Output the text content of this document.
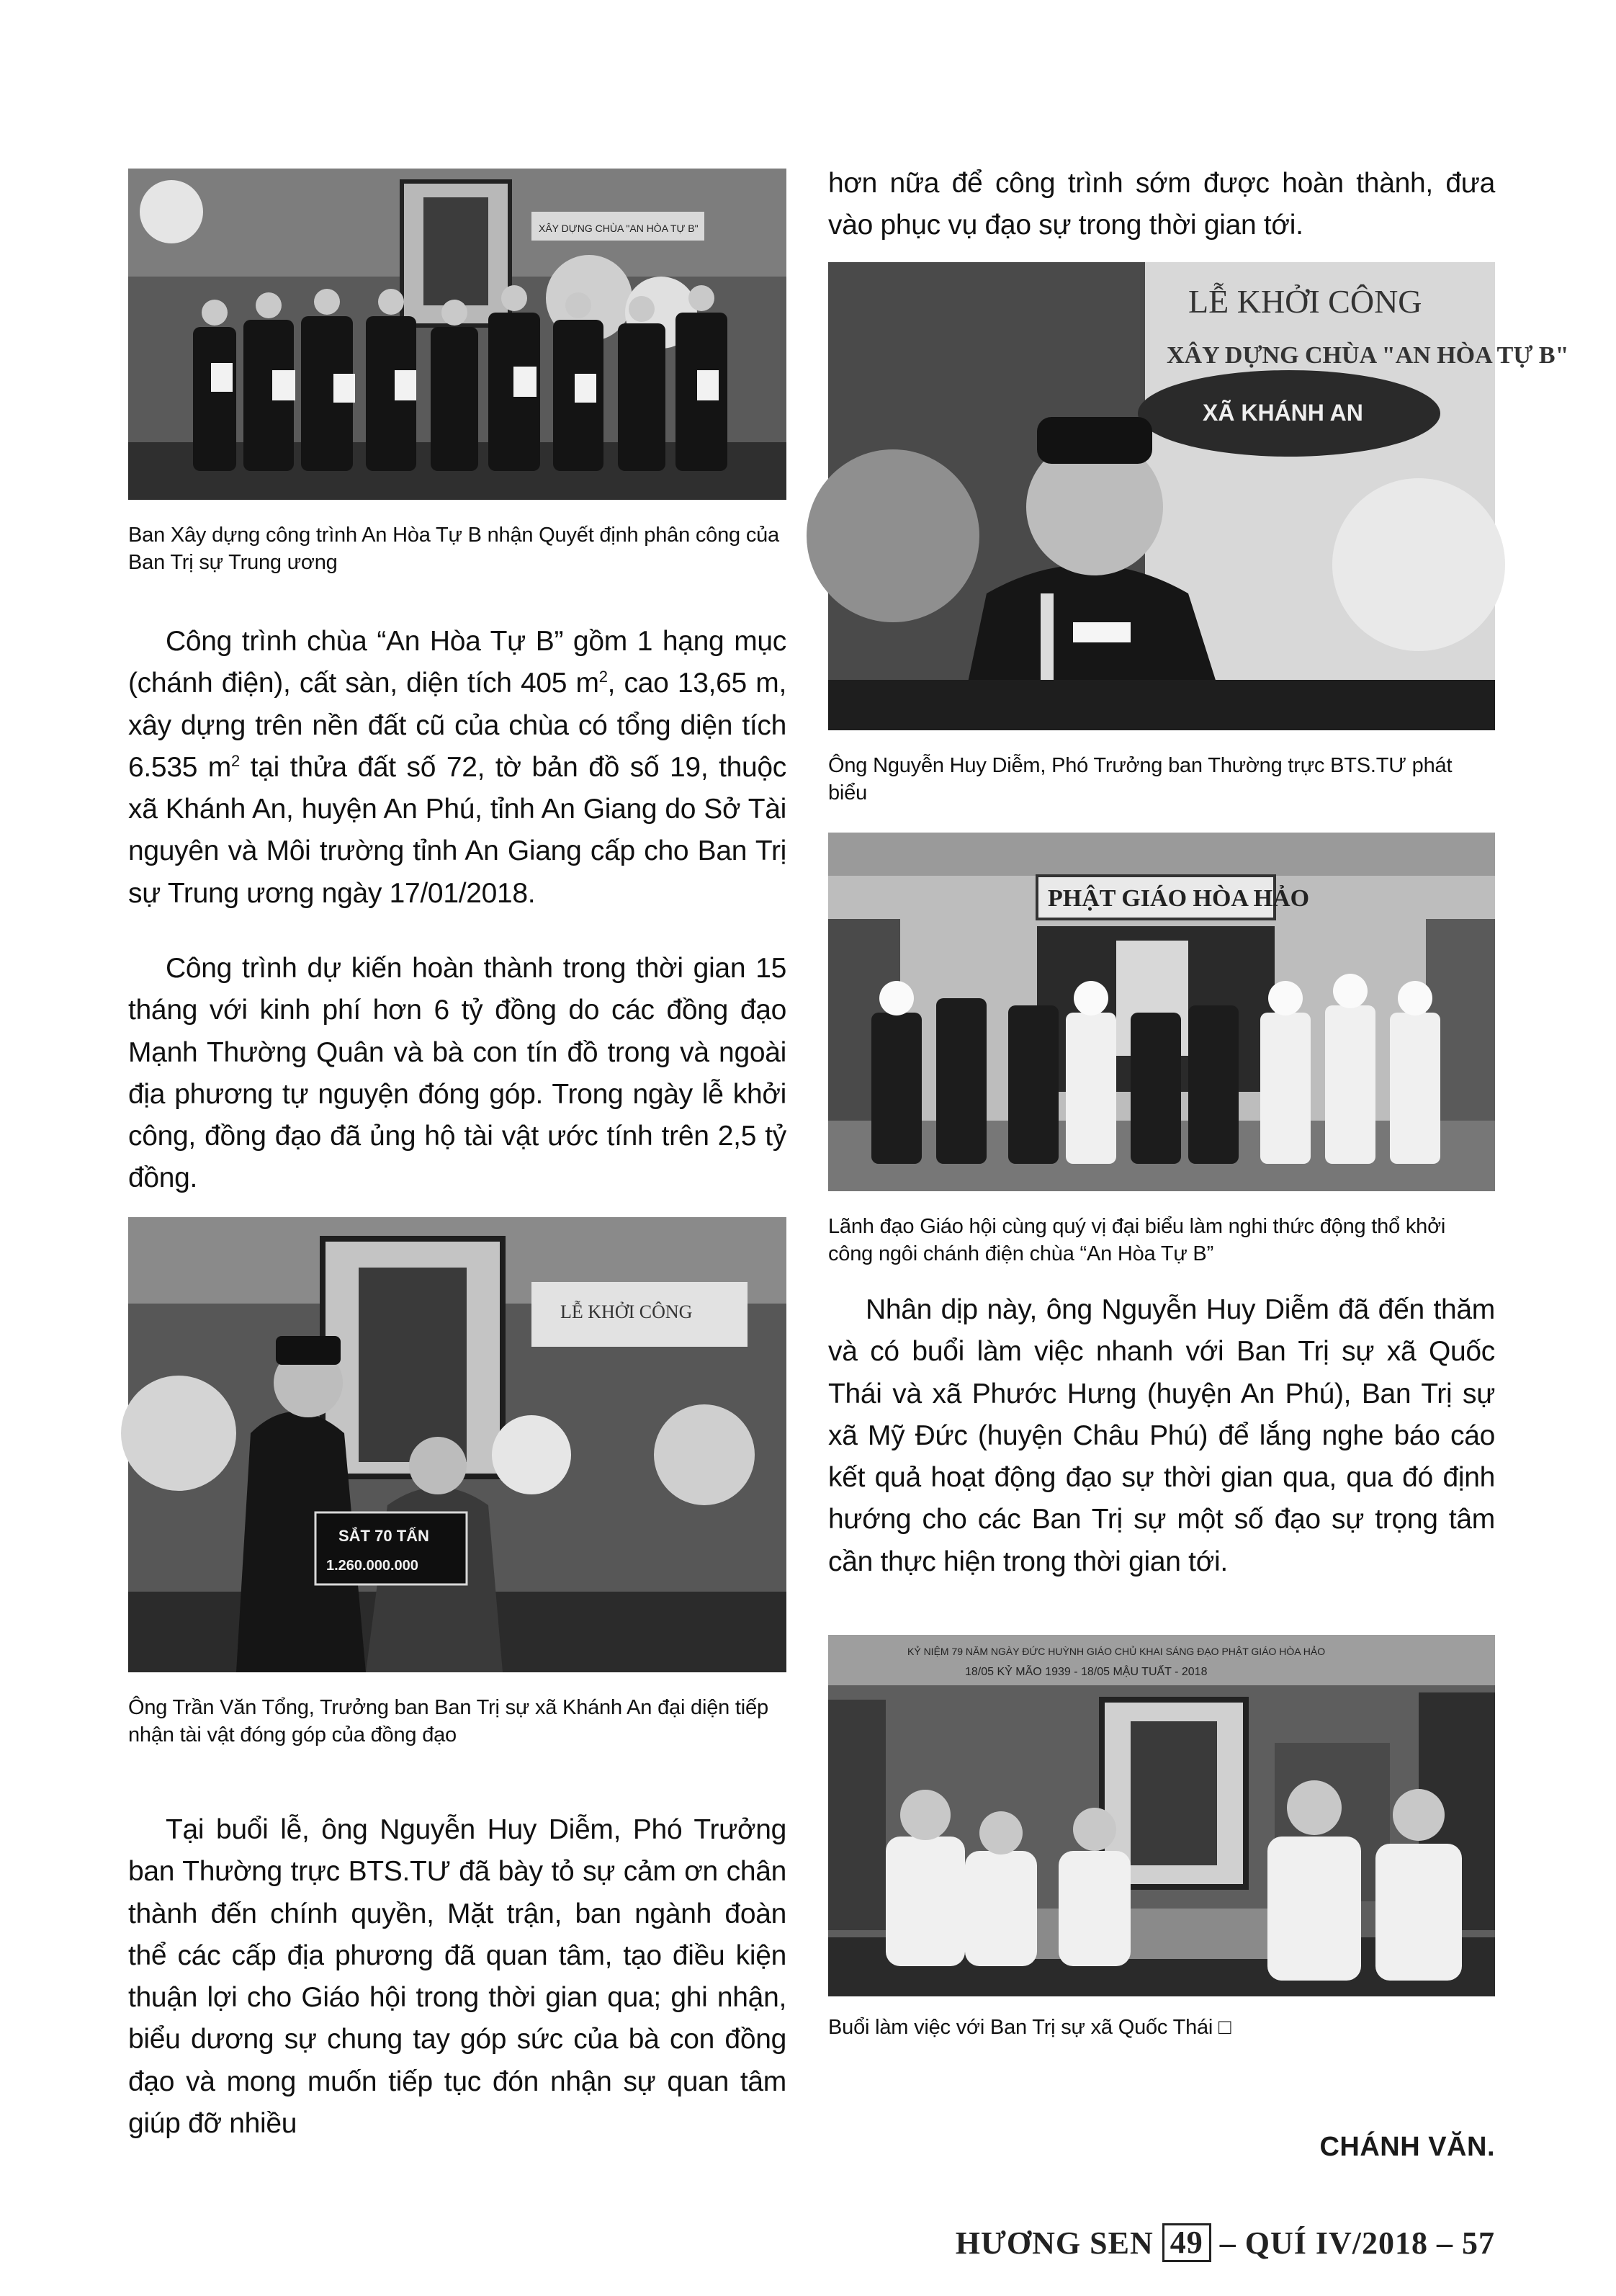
XÂY DỰNG CHÙA "AN HÒA TỰ B"
Ban Xây dựng công trình An Hòa Tự B nhận Quyết định phân công của Ban Trị sự Trung ương

Công trình chùa “An Hòa Tự B” gồm 1 hạng mục (chánh điện), cất sàn, diện tích 405 $m^2$, cao 13,65 m, xây dựng trên nền đất cũ của chùa có tổng diện tích 6.535 $m^2$ tại thửa đất số 72, tờ bản đồ số 19, thuộc xã Khánh An, huyện An Phú, tỉnh An Giang do Sở Tài nguyên và Môi trường tỉnh An Giang cấp cho Ban Trị sự Trung ương ngày 17/01/2018.

Công trình dự kiến hoàn thành trong thời gian 15 tháng với kinh phí hơn 6 tỷ đồng do các đồng đạo Mạnh Thường Quân và bà con tín đồ trong và ngoài địa phương tự nguyện đóng góp. Trong ngày lễ khởi công, đồng đạo đã ủng hộ tài vật ước tính trên 2,5 tỷ đồng.

LỄ KHỞI CÔNG
SẮT 70 TẤN
1.260.000.000
Ông Trần Văn Tổng, Trưởng ban Ban Trị sự xã Khánh An đại diện tiếp nhận tài vật đóng góp của đồng đạo

Tại buổi lễ, ông Nguyễn Huy Diễm, Phó Trưởng ban Thường trực BTS.TƯ đã bày tỏ sự cảm ơn chân thành đến chính quyền, Mặt trận, ban ngành đoàn thể các cấp địa phương đã quan tâm, tạo điều kiện thuận lợi cho Giáo hội trong thời gian qua; ghi nhận, biểu dương sự chung tay góp sức của bà con đồng đạo và mong muốn tiếp tục đón nhận sự quan tâm giúp đỡ nhiều

hơn nữa để công trình sớm được hoàn thành, đưa vào phục vụ đạo sự trong thời gian tới.

LỄ KHỞI CÔNG
XÂY DỰNG CHÙA "AN HÒA TỰ B"
XÃ KHÁNH AN
Ông Nguyễn Huy Diễm, Phó Trưởng ban Thường trực BTS.TƯ phát biểu
PHẬT GIÁO HÒA HẢO
Lãnh đạo Giáo hội cùng quý vị đại biểu làm nghi thức động thổ khởi công ngôi chánh điện chùa “An Hòa Tự B”

Nhân dịp này, ông Nguyễn Huy Diễm đã đến thăm và có buổi làm việc nhanh với Ban Trị sự xã Quốc Thái và xã Phước Hưng (huyện An Phú), Ban Trị sự xã Mỹ Đức (huyện Châu Phú) để lắng nghe báo cáo kết quả hoạt động đạo sự thời gian qua, qua đó định hướng cho các Ban Trị sự một số đạo sự trọng tâm cần thực hiện trong thời gian tới.

KỶ NIỆM 79 NĂM NGÀY ĐỨC HUỲNH GIÁO CHỦ KHAI SÁNG ĐẠO PHẬT GIÁO HÒA HẢO
18/05 KỶ MÃO 1939 - 18/05 MẬU TUẤT - 2018
Buổi làm việc với Ban Trị sự xã Quốc Thái □
CHÁNH VĂN.
HƯƠNG SEN 49 – QUÍ IV/2018 – 57
